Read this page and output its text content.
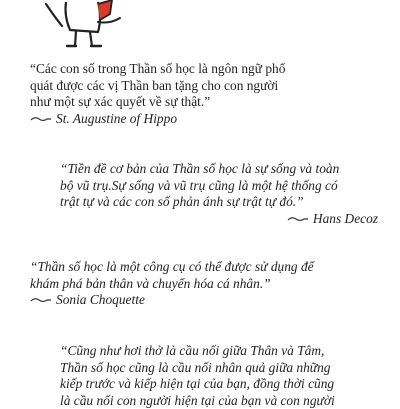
“Các con số trong Thần số học là ngôn ngữ phổ

quát được các vị Thần ban tặng cho con người

như một sự xác quyết về sự thật.”

St. Augustine of Hippo

“Tiền đề cơ bản của Thần số học là sự sống và toàn

bộ vũ trụ.Sự sống và vũ trụ cũng là một hệ thống có

trật tự và các con số phản ánh sự trật tự đó.”

Hans Decoz

“Thần số học là một công cụ có thể được sử dụng để

khám phá bản thân và chuyển hóa cá nhân.”

Sonia Choquette

“Cũng như hơi thở là cầu nối giữa Thân và Tâm,

Thần số học cũng là cầu nối nhân quả giữa những

kiếp trước và kiếp hiện tại của bạn, đồng thời cũng

là cầu nối con người hiện tại của bạn và con người
